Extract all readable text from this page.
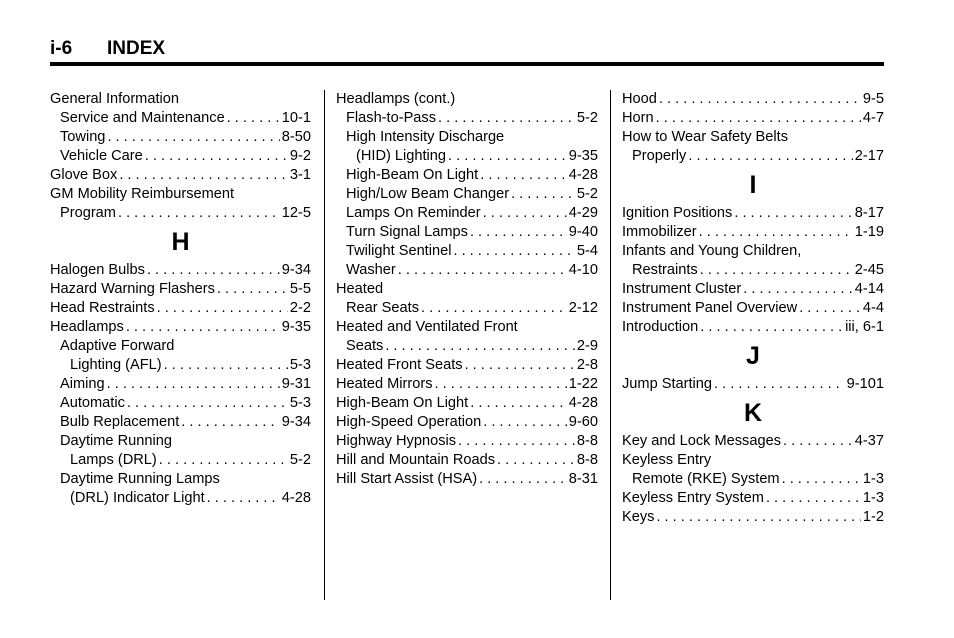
i-6 INDEX
General Information
Service and Maintenance . . .	10-1
Towing . . .	8-50
Vehicle Care . . .	9-2
Glove Box . . .	3-1
GM Mobility Reimbursement
Program . . .	12-5
H
Halogen Bulbs . . .	9-34
Hazard Warning Flashers . . .	5-5
Head Restraints . . .	2-2
Headlamps . . .	9-35
Adaptive Forward
Lighting (AFL) . . .	5-3
Aiming . . .	9-31
Automatic . . .	5-3
Bulb Replacement . . .	9-34
Daytime Running
Lamps (DRL) . . .	5-2
Daytime Running Lamps
(DRL) Indicator Light . . .	4-28
Headlamps (cont.)
Flash-to-Pass . . .	5-2
High Intensity Discharge
(HID) Lighting . . .	9-35
High-Beam On Light . . .	4-28
High/Low Beam Changer . . .	5-2
Lamps On Reminder . . .	4-29
Turn Signal Lamps . . .	9-40
Twilight Sentinel . . .	5-4
Washer . . .	4-10
Heated
Rear Seats . . .	2-12
Heated and Ventilated Front
Seats . . .	2-9
Heated Front Seats . . .	2-8
Heated Mirrors . . .	1-22
High-Beam On Light . . .	4-28
High-Speed Operation . . .	9-60
Highway Hypnosis . . .	8-8
Hill and Mountain Roads . . .	8-8
Hill Start Assist (HSA) . . .	8-31
Hood . . .	9-5
Horn . . .	4-7
How to Wear Safety Belts
Properly . . .	2-17
I
Ignition Positions . . .	8-17
Immobilizer . . .	1-19
Infants and Young Children,
Restraints . . .	2-45
Instrument Cluster . . .	4-14
Instrument Panel Overview . . .	4-4
Introduction . . .	iii, 6-1
J
Jump Starting . . .	9-101
K
Key and Lock Messages . . .	4-37
Keyless Entry
Remote (RKE) System . . .	1-3
Keyless Entry System . . .	1-3
Keys . . .	1-2
